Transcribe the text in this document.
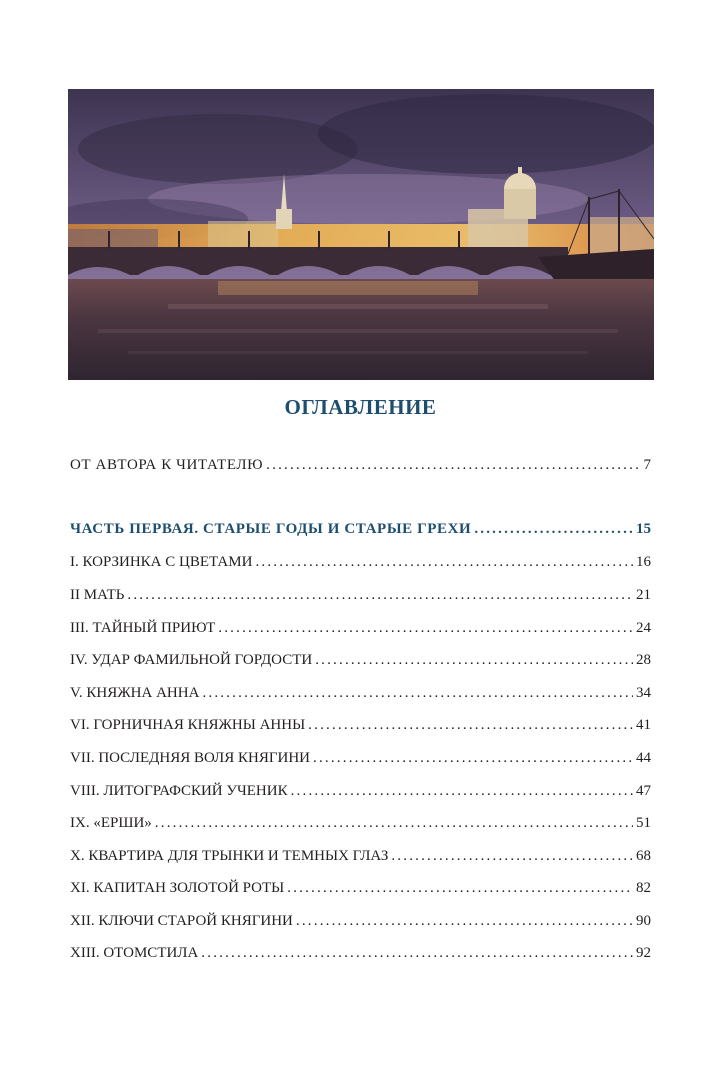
ОГЛАВЛЕНИЕ
ОТ АВТОРА К ЧИТАТЕЛЮ .....	7
ЧАСТЬ ПЕРВАЯ. СТАРЫЕ ГОДЫ И СТАРЫЕ ГРЕХИ .....	15
I. КОРЗИНКА С ЦВЕТАМИ .....	16
II МАТЬ .....	21
III. ТАЙНЫЙ ПРИЮТ .....	24
IV. УДАР ФАМИЛЬНОЙ ГОРДОСТИ .....	28
V. КНЯЖНА АННА .....	34
VI. ГОРНИЧНАЯ КНЯЖНЫ АННЫ .....	41
VII. ПОСЛЕДНЯЯ ВОЛЯ КНЯГИНИ .....	44
VIII. ЛИТОГРАФСКИЙ УЧЕНИК .....	47
IX. «ЕРШИ» .....	51
X. КВАРТИРА ДЛЯ ТРЫНКИ И ТЕМНЫХ ГЛАЗ .....	68
XI. КАПИТАН ЗОЛОТОЙ РОТЫ .....	82
XII. КЛЮЧИ СТАРОЙ КНЯГИНИ .....	90
XIII. ОТОМСТИЛА .....	92
